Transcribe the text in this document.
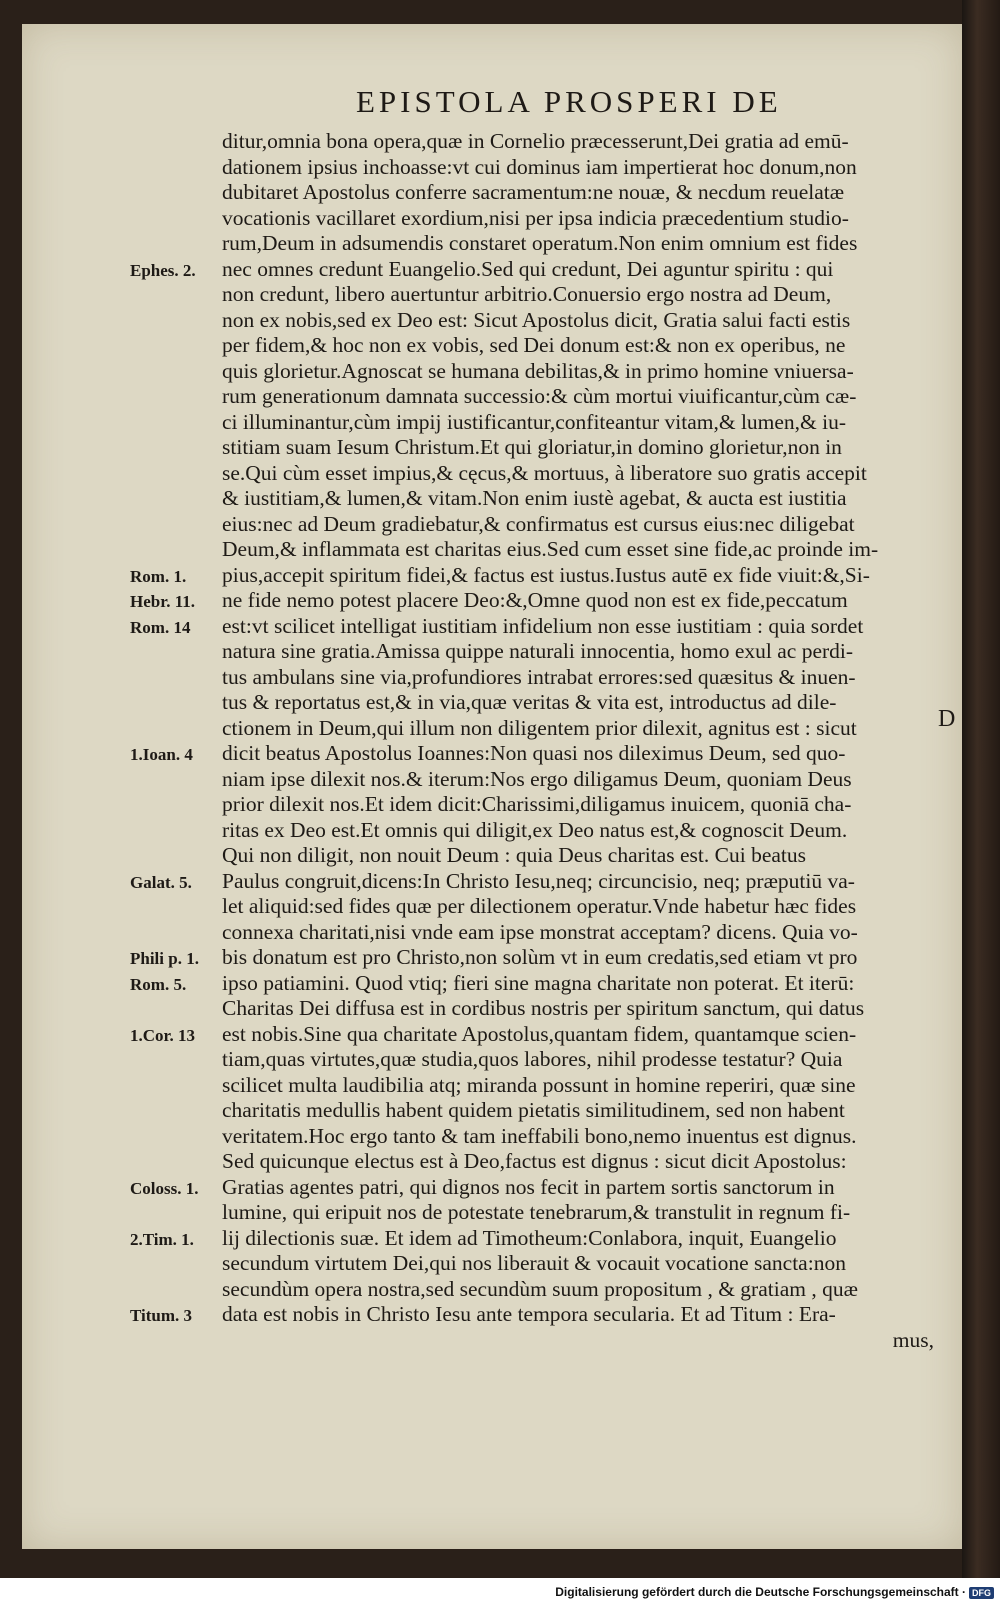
EPISTOLA PROSPERI DE
ditur,omnia bona opera,quæ in Cornelio præcesserunt,Dei gratia ad emū-
dationem ipsius inchoasse:vt cui dominus iam impertierat hoc donum,non
dubitaret Apostolus conferre sacramentum:ne nouæ, & necdum reuelatæ
vocationis vacillaret exordium,nisi per ipsa indicia præcedentium studio-
rum,Deum in adsumendis constaret operatum.Non enim omnium est fides
nec omnes credunt Euangelio.Sed qui credunt, Dei aguntur spiritu : qui
non credunt, libero auertuntur arbitrio.Conuersio ergo nostra ad Deum,
non ex nobis,sed ex Deo est: Sicut Apostolus dicit, Gratia salui facti estis
per fidem,& hoc non ex vobis, sed Dei donum est:& non ex operibus, ne
quis glorietur.Agnoscat se humana debilitas,& in primo homine vniuersa-
rum generationum damnata successio:& cùm mortui viuificantur,cùm cæ-
ci illuminantur,cùm impij iustificantur,confiteantur vitam,& lumen,& iu-
stitiam suam Iesum Christum.Et qui gloriatur,in domino glorietur,non in
se.Qui cùm esset impius,& cęcus,& mortuus, à liberatore suo gratis accepit
& iustitiam,& lumen,& vitam.Non enim iustè agebat, & aucta est iustitia
eius:nec ad Deum gradiebatur,& confirmatus est cursus eius:nec diligebat
Deum,& inflammata est charitas eius.Sed cum esset sine fide,ac proinde im-
pius,accepit spiritum fidei,& factus est iustus.Iustus autē ex fide viuit:&,Si-
ne fide nemo potest placere Deo:&,Omne quod non est ex fide,peccatum
est:vt scilicet intelligat iustitiam infidelium non esse iustitiam : quia sordet
natura sine gratia.Amissa quippe naturali innocentia, homo exul ac perdi-
tus ambulans sine via,profundiores intrabat errores:sed quæsitus & inuen-
tus & reportatus est,& in via,quæ veritas & vita est, introductus ad dile-
ctionem in Deum,qui illum non diligentem prior dilexit, agnitus est : sicut
dicit beatus Apostolus Ioannes:Non quasi nos dileximus Deum, sed quo-
niam ipse dilexit nos.& iterum:Nos ergo diligamus Deum, quoniam Deus
prior dilexit nos.Et idem dicit:Charissimi,diligamus inuicem, quoniā cha-
ritas ex Deo est.Et omnis qui diligit,ex Deo natus est,& cognoscit Deum.
Qui non diligit, non nouit Deum : quia Deus charitas est. Cui beatus
Paulus congruit,dicens:In Christo Iesu,neq; circuncisio, neq; præputiū va-
let aliquid:sed fides quæ per dilectionem operatur.Vnde habetur hæc fides
connexa charitati,nisi vnde eam ipse monstrat acceptam? dicens. Quia vo-
bis donatum est pro Christo,non solùm vt in eum credatis,sed etiam vt pro
ipso patiamini. Quod vtiq; fieri sine magna charitate non poterat. Et iterū:
Charitas Dei diffusa est in cordibus nostris per spiritum sanctum, qui datus
est nobis.Sine qua charitate Apostolus,quantam fidem, quantamque scien-
tiam,quas virtutes,quæ studia,quos labores, nihil prodesse testatur? Quia
scilicet multa laudibilia atq; miranda possunt in homine reperiri, quæ sine
charitatis medullis habent quidem pietatis similitudinem, sed non habent
veritatem.Hoc ergo tanto & tam ineffabili bono,nemo inuentus est dignus.
Sed quicunque electus est à Deo,factus est dignus : sicut dicit Apostolus:
Gratias agentes patri, qui dignos nos fecit in partem sortis sanctorum in
lumine, qui eripuit nos de potestate tenebrarum,& transtulit in regnum fi-
lij dilectionis suæ. Et idem ad Timotheum:Conlabora, inquit, Euangelio
secundum virtutem Dei,qui nos liberauit & vocauit vocatione sancta:non
secundùm opera nostra,sed secundùm suum propositum , & gratiam , quæ
data est nobis in Christo Iesu ante tempora secularia. Et ad Titum : Era-
mus,
Ephes. 2.
Rom. 1.
Hebr. 11.
Rom. 14
1.Ioan. 4
Galat. 5.
Phili p. 1.
Rom. 5.
1.Cor. 13
Coloss. 1.
2.Tim. 1.
Titum. 3
D
Digitalisierung gefördert durch die Deutsche Forschungsgemeinschaft · DFG
